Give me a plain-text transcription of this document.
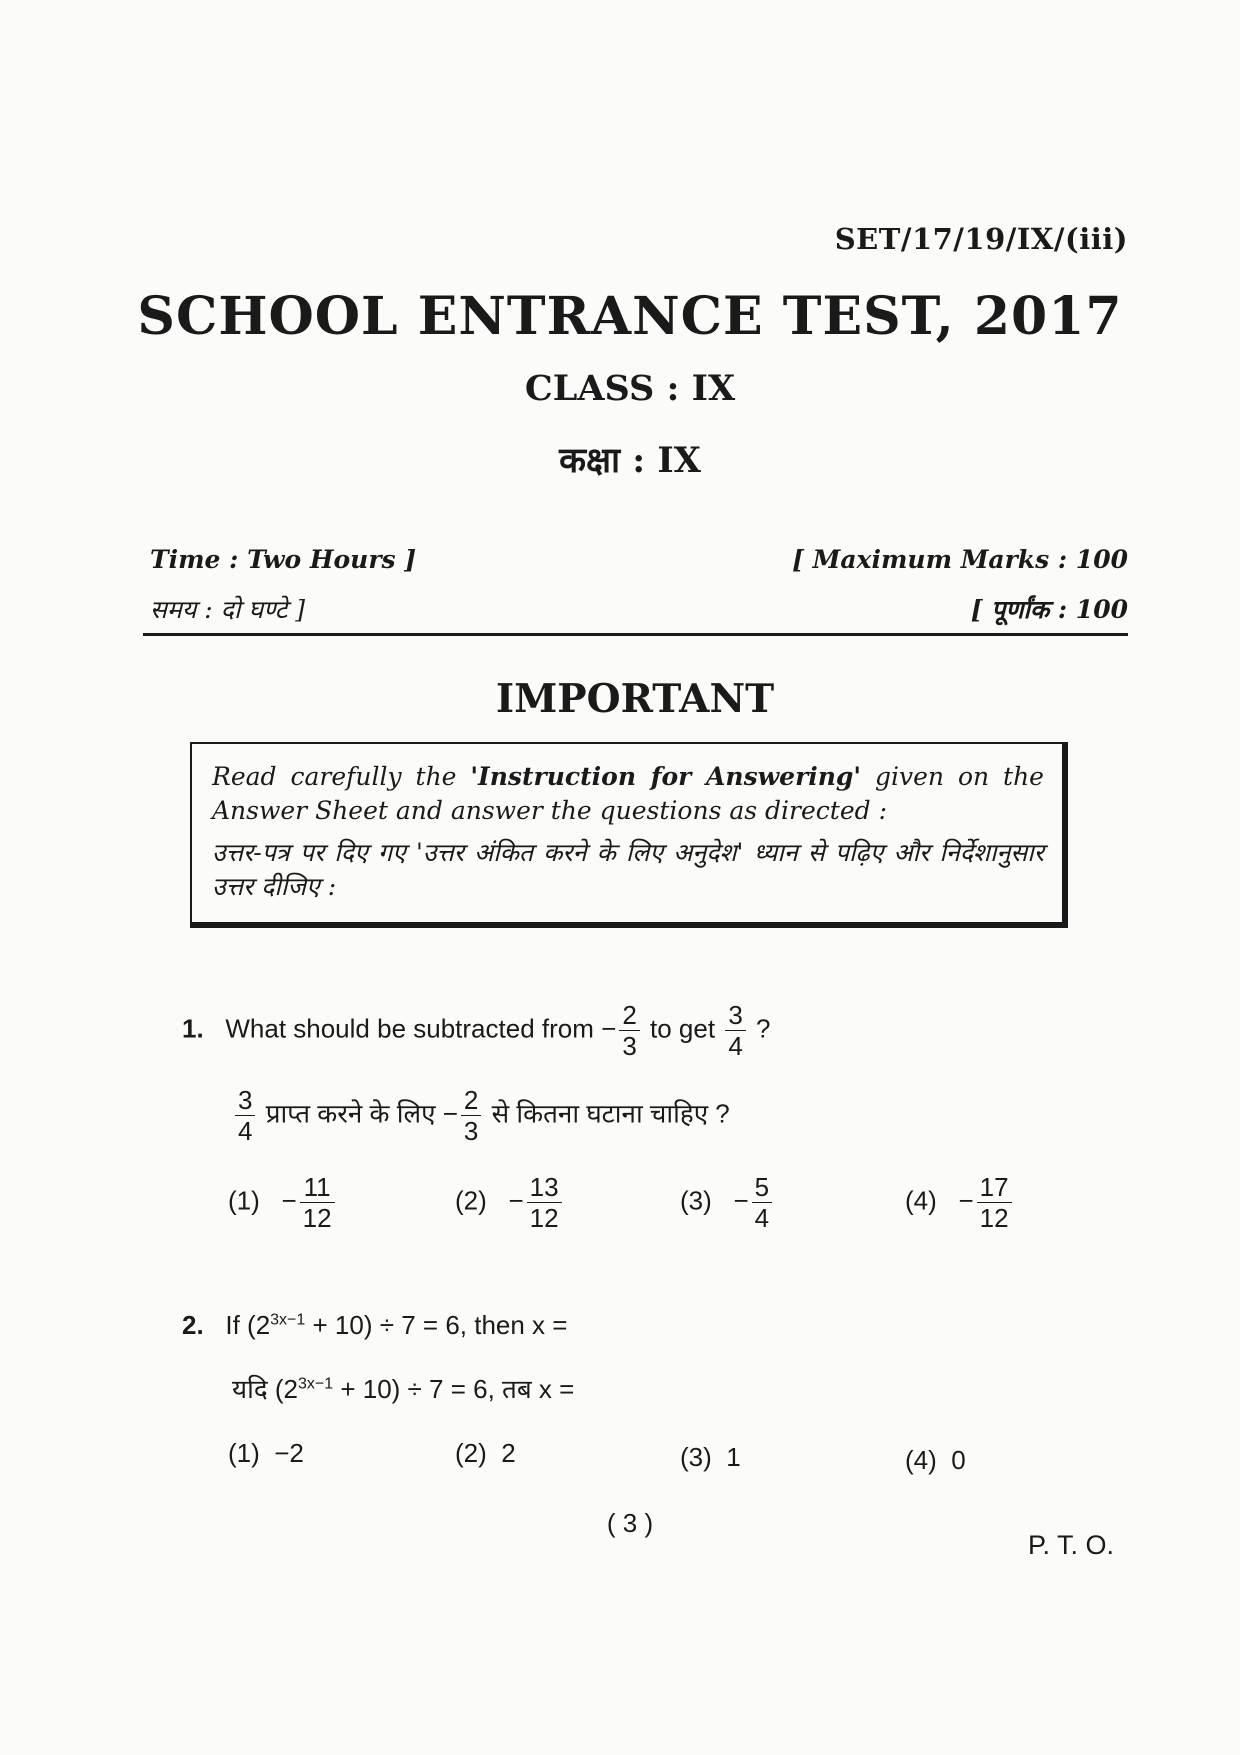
SET/17/19/IX/(iii)
SCHOOL ENTRANCE TEST, 2017
CLASS : IX
कक्षा : IX
Time : Two Hours ]
समय : दो घण्टे ]
[ Maximum Marks : 100
[ पूर्णांक : 100
IMPORTANT

Read carefully the 'Instruction for Answering' given on the Answer Sheet and answer the questions as directed :

उत्तर-पत्र पर दिए गए 'उत्तर अंकित करने के लिए अनुदेश' ध्यान से पढ़िए और निर्देशानुसार उत्तर दीजिए :

1. What should be subtracted from − $\frac{2}{3}$ to get $\frac{3}{4}$ ?
$\frac{3}{4}$ प्राप्त करने के लिए − $\frac{2}{3}$ से कितना घटाना चाहिए ?
$(1) - \frac{11}{12}$	$(2) - \frac{13}{12}$	$(3) - \frac{5}{4}$	$(4) - \frac{17}{12}$
2. If $(2^{3x-1} + 10) \div 7 = 6$, then x =
यदि $(2^{3x-1} + 10) \div 7 = 6$, तब x =
(1) −2	(2) 2	(3) 1	(4) 0
( 3 )
P. T. O.
